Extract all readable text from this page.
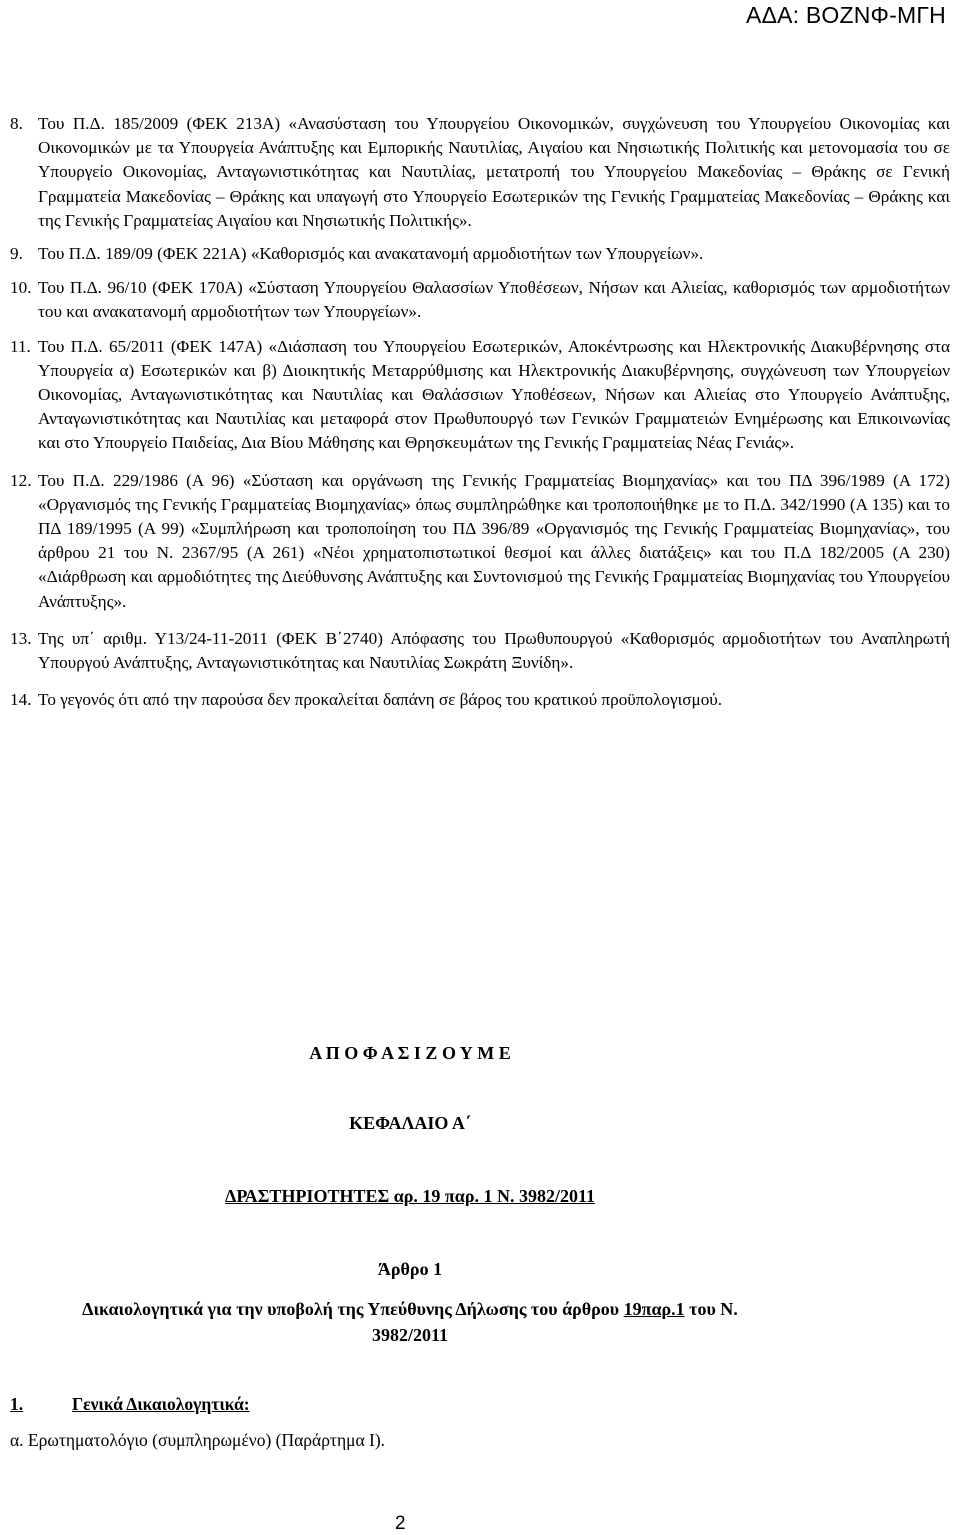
ΑΔΑ: ΒΟΖΝΦ-ΜΓΗ
8. Του Π.Δ. 185/2009 (ΦΕΚ 213Α) «Ανασύσταση του Υπουργείου Οικονομικών, συγχώνευση του Υπουργείου Οικονομίας και Οικονομικών με τα Υπουργεία Ανάπτυξης και Εμπορικής Ναυτιλίας, Αιγαίου και Νησιωτικής Πολιτικής και μετονομασία του σε Υπουργείο Οικονομίας, Ανταγωνιστικότητας και Ναυτιλίας, μετατροπή του Υπουργείου Μακεδονίας – Θράκης σε Γενική Γραμματεία Μακεδονίας – Θράκης και υπαγωγή στο Υπουργείο Εσωτερικών της Γενικής Γραμματείας Μακεδονίας – Θράκης και της Γενικής Γραμματείας Αιγαίου και Νησιωτικής Πολιτικής».
9. Του Π.Δ. 189/09 (ΦΕΚ 221Α) «Καθορισμός και ανακατανομή αρμοδιοτήτων των Υπουργείων».
10. Του Π.Δ. 96/10 (ΦΕΚ 170Α) «Σύσταση Υπουργείου Θαλασσίων Υποθέσεων, Νήσων και Αλιείας, καθορισμός των αρμοδιοτήτων του και ανακατανομή αρμοδιοτήτων των Υπουργείων».
11. Του Π.Δ. 65/2011 (ΦΕΚ 147Α) «Διάσπαση του Υπουργείου Εσωτερικών, Αποκέντρωσης και Ηλεκτρονικής Διακυβέρνησης στα Υπουργεία α) Εσωτερικών και β) Διοικητικής Μεταρρύθμισης και Ηλεκτρονικής Διακυβέρνησης, συγχώνευση των Υπουργείων Οικονομίας, Ανταγωνιστικότητας και Ναυτιλίας και Θαλάσσιων Υποθέσεων, Νήσων και Αλιείας στο Υπουργείο Ανάπτυξης, Ανταγωνιστικότητας και Ναυτιλίας και μεταφορά στον Πρωθυπουργό των Γενικών Γραμματειών Ενημέρωσης και Επικοινωνίας και στο Υπουργείο Παιδείας, Δια Βίου Μάθησης και Θρησκευμάτων της Γενικής Γραμματείας Νέας Γενιάς».
12. Του Π.Δ. 229/1986 (Α 96) «Σύσταση και οργάνωση της Γενικής Γραμματείας Βιομηχανίας» και του ΠΔ 396/1989 (Α 172) «Οργανισμός της Γενικής Γραμματείας Βιομηχανίας» όπως συμπληρώθηκε και τροποποιήθηκε με το Π.Δ. 342/1990 (Α 135) και το ΠΔ 189/1995 (Α 99) «Συμπλήρωση και τροποποίηση του ΠΔ 396/89 «Οργανισμός της Γενικής Γραμματείας Βιομηχανίας», του άρθρου 21 του Ν. 2367/95 (Α 261) «Νέοι χρηματοπιστωτικοί θεσμοί και άλλες διατάξεις» και του Π.Δ 182/2005 (Α 230) «Διάρθρωση και αρμοδιότητες της Διεύθυνσης Ανάπτυξης και Συντονισμού της Γενικής Γραμματείας Βιομηχανίας του Υπουργείου Ανάπτυξης».
13. Της υπ΄ αριθμ. Υ13/24-11-2011 (ΦΕΚ Β΄2740) Απόφασης του Πρωθυπουργού «Καθορισμός αρμοδιοτήτων του Αναπληρωτή Υπουργού Ανάπτυξης, Ανταγωνιστικότητας και Ναυτιλίας Σωκράτη Ξυνίδη».
14. Το γεγονός ότι από την παρούσα δεν προκαλείται δαπάνη σε βάρος του κρατικού προϋπολογισμού.
Α Π Ο Φ Α Σ Ι Ζ Ο Υ Μ Ε
ΚΕΦΑΛΑΙΟ Α΄
ΔΡΑΣΤΗΡΙΟΤΗΤΕΣ αρ. 19 παρ. 1 Ν. 3982/2011
Άρθρο 1
Δικαιολογητικά για την υποβολή της Υπεύθυνης Δήλωσης του άρθρου 19παρ.1 του Ν.
3982/2011
1.	Γενικά Δικαιολογητικά:
α. Ερωτηματολόγιο (συμπληρωμένο) (Παράρτημα Ι).
2
